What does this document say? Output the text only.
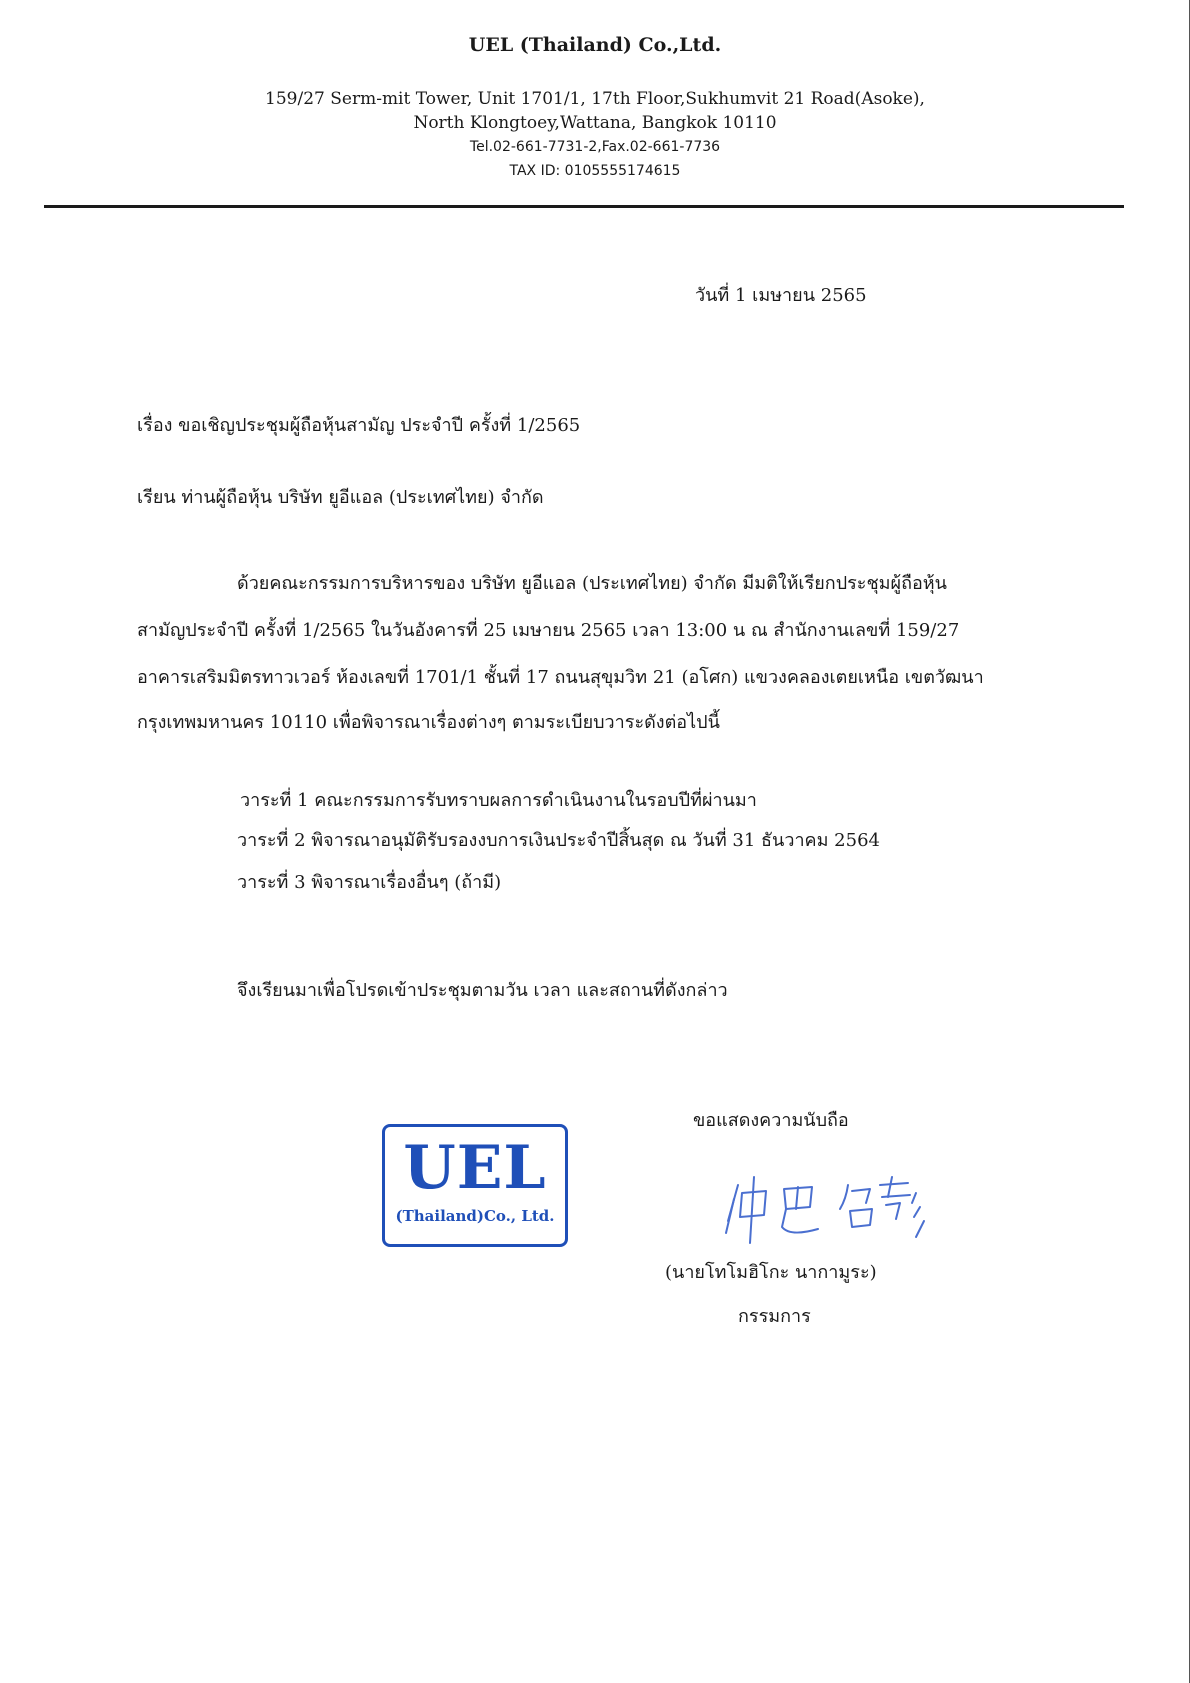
UEL (Thailand) Co.,Ltd.
159/27 Serm-mit Tower, Unit 1701/1, 17th Floor,Sukhumvit 21 Road(Asoke),
North Klongtoey,Wattana, Bangkok 10110
Tel.02-661-7731-2,Fax.02-661-7736
TAX ID: 0105555174615
วันที่ 1 เมษายน 2565
เรื่อง ขอเชิญประชุมผู้ถือหุ้นสามัญ ประจำปี ครั้งที่ 1/2565
เรียน ท่านผู้ถือหุ้น บริษัท ยูอีแอล (ประเทศไทย) จำกัด
ด้วยคณะกรรมการบริหารของ บริษัท ยูอีแอล (ประเทศไทย) จำกัด มีมติให้เรียกประชุมผู้ถือหุ้น
สามัญประจำปี ครั้งที่ 1/2565 ในวันอังคารที่ 25 เมษายน 2565 เวลา 13:00 น ณ สำนักงานเลขที่ 159/27
อาคารเสริมมิตรทาวเวอร์ ห้องเลขที่ 1701/1 ชั้นที่ 17 ถนนสุขุมวิท 21 (อโศก) แขวงคลองเตยเหนือ เขตวัฒนา
กรุงเทพมหานคร 10110 เพื่อพิจารณาเรื่องต่างๆ ตามระเบียบวาระดังต่อไปนี้
วาระที่ 1 คณะกรรมการรับทราบผลการดำเนินงานในรอบปีที่ผ่านมา
วาระที่ 2 พิจารณาอนุมัติรับรองงบการเงินประจำปีสิ้นสุด ณ วันที่ 31 ธันวาคม 2564
วาระที่ 3 พิจารณาเรื่องอื่นๆ (ถ้ามี)
จึงเรียนมาเพื่อโปรดเข้าประชุมตามวัน เวลา และสถานที่ดังกล่าว
ขอแสดงความนับถือ
UEL
(Thailand)Co., Ltd.
(นายโทโมฮิโกะ นากามูระ)
กรรมการ
